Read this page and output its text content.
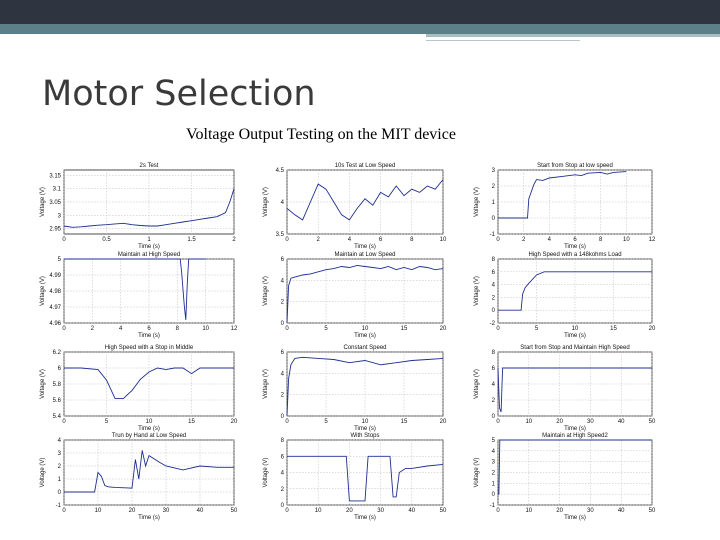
Motor Selection
Voltage Output Testing on the MIT device
0	0.5	1	1.5	2
2.95
3
3.05
3.1
3.15
2s Test
Time (s)
Voltage (V)
0	2	4	6	8	10
3.5
4
4.5
10s Test at Low Speed
Time (s)
Voltage (V)
0	2	4	6	8	10	12
-1
0
1
2
3
Start from Stop at low speed
Time (s)
Voltage (V)
0	2	4	6	8	10	12
4.96
4.97
4.98
4.99
5
Maintain at High Speed
Time (s)
Voltage (V)
0	5	10	15	20
0
2
4
6
Maintain at Low Speed
Time (s)
Voltage (V)
0	5	10	15	20
-2
0
2
4
6
8
High Speed with a 148kohms Load
Time (s)
Voltage (V)
0	5	10	15	20
5.4
5.6
5.8
6
6.2
High Speed with a Stop in Middle
Time (s)
Voltage (V)
0	5	10	15	20
0
2
4
6
Constant Speed
Time (s)
Voltage (V)
0	10	20	30	40	50
0
2
4
6
8
Start from Stop and Maintain High Speed
Time (s)
Voltage (V)
0	10	20	30	40	50
-1
0
1
2
3
4
Trun by Hand at Low Speed
Time (s)
Voltage (V)
0	10	20	30	40	50
0
2
4
6
8
With Stops
Time (s)
Voltage (V)
0	10	20	30	40	50
-1
0
1
2
3
4
5
Maintain at High Speed2
Time (s)
Voltage (V)
